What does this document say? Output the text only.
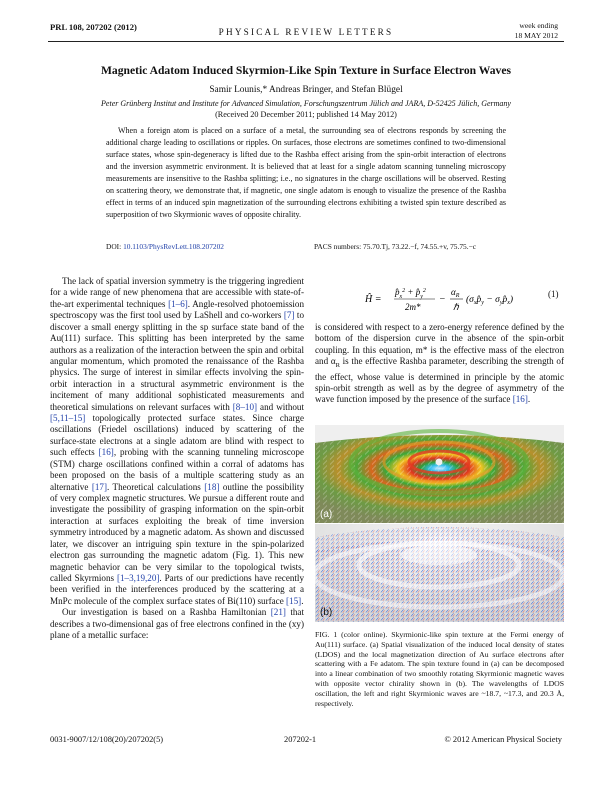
PRL 108, 207202 (2012)	PHYSICAL REVIEW LETTERS
week ending
18 MAY 2012
Magnetic Adatom Induced Skyrmion-Like Spin Texture in Surface Electron Waves
Samir Lounis,* Andreas Bringer, and Stefan Blügel
Peter Grünberg Institut and Institute for Advanced Simulation, Forschungszentrum Jülich and JARA, D-52425 Jülich, Germany
(Received 20 December 2011; published 14 May 2012)
When a foreign atom is placed on a surface of a metal, the surrounding sea of electrons responds by screening the additional charge leading to oscillations or ripples. On surfaces, those electrons are sometimes confined to two-dimensional surface states, whose spin-degeneracy is lifted due to the Rashba effect arising from the spin-orbit interaction of electrons and the inversion asymmetric environment. It is believed that at least for a single adatom scanning tunneling microscopy measurements are insensitive to the Rashba splitting; i.e., no signatures in the charge oscillations will be observed. Resting on scattering theory, we demonstrate that, if magnetic, one single adatom is enough to visualize the presence of the Rashba effect in terms of an induced spin magnetization of the surrounding electrons exhibiting a twisted spin texture described as superposition of two Skyrmionic waves of opposite chirality.
DOI: 10.1103/PhysRevLett.108.207202	PACS numbers: 75.70.Tj, 73.22.−f, 74.55.+v, 75.75.−c

The lack of spatial inversion symmetry is the triggering ingredient for a wide range of new phenomena that are accessible with state-of-the-art experimental techniques [1–6]. Angle-resolved photoemission spectroscopy was the first tool used by LaShell and co-workers [7] to discover a small energy splitting in the sp surface state band of the Au(111) surface. This splitting has been interpreted by the same authors as a realization of the interaction between the spin and orbital angular momentum, which promoted the renaissance of the Rashba physics. The surge of interest in similar effects involving the spin-orbit interaction in a structural asymmetric environment is the incitement of many additional sophisticated measurements and theoretical simulations on relevant surfaces with [8–10] and without [5,11–15] topologically protected surface states. Since charge oscillations (Friedel oscillations) induced by scattering of the surface-state electrons at a single adatom are blind with respect to such effects [16], probing with the scanning tunneling microscope (STM) charge oscillations confined within a corral of adatoms has been proposed on the basis of a multiple scattering study as an alternative [17]. Theoretical calculations [18] outline the possibility of very complex magnetic structures. We pursue a different route and investigate the possibility of grasping information on the spin-orbit interaction at surfaces exploiting the break of time inversion symmetry introduced by a magnetic adatom. As shown and discussed later, we discover an intriguing spin texture in the spin-polarized electron gas surrounding the magnetic adatom (Fig. 1). This new magnetic behavior can be very similar to the topological twists, called Skyrmions [1–3,19,20]. Parts of our predictions have recently been verified in the interferences produced by the scattering at a MnPc molecule of the complex surface states of Bi(110) surface [15].

Our investigation is based on a Rashba Hamiltonian [21] that describes a two-dimensional gas of free electrons confined in the (xy) plane of a metallic surface:

Ĥ =
$p̂_x^2$ + $p̂_y^2$
2m*
−
$\alpha_R$
ℏ
($\sigma_xp̂_y$ − $\sigma_yp̂_x$)
(1)

is considered with respect to a zero-energy reference defined by the bottom of the dispersion curve in the absence of the spin-orbit coupling. In this equation, m* is the effective mass of the electron and $\alpha_R$ is the effective Rashba parameter, describing the strength of the effect, whose value is determined in principle by the atomic spin-orbit strength as well as by the degree of asymmetry of the wave function imposed by the presence of the surface [16].

(a)
(b)
FIG. 1 (color online). Skyrmionic-like spin texture at the Fermi energy of Au(111) surface. (a) Spatial visualization of the induced local density of states (LDOS) and the local magnetization direction of Au surface electrons after scattering with a Fe adatom. The spin texture found in (a) can be decomposed into a linear combination of two smoothly rotating Skyrmionic magnetic waves with opposite vector chirality shown in (b). The wavelengths of LDOS oscillation, the left and right Skyrmionic waves are ~18.7, ~17.3, and 20.3 Å, respectively.
0031-9007/12/108(20)/207202(5)	207202-1	© 2012 American Physical Society
